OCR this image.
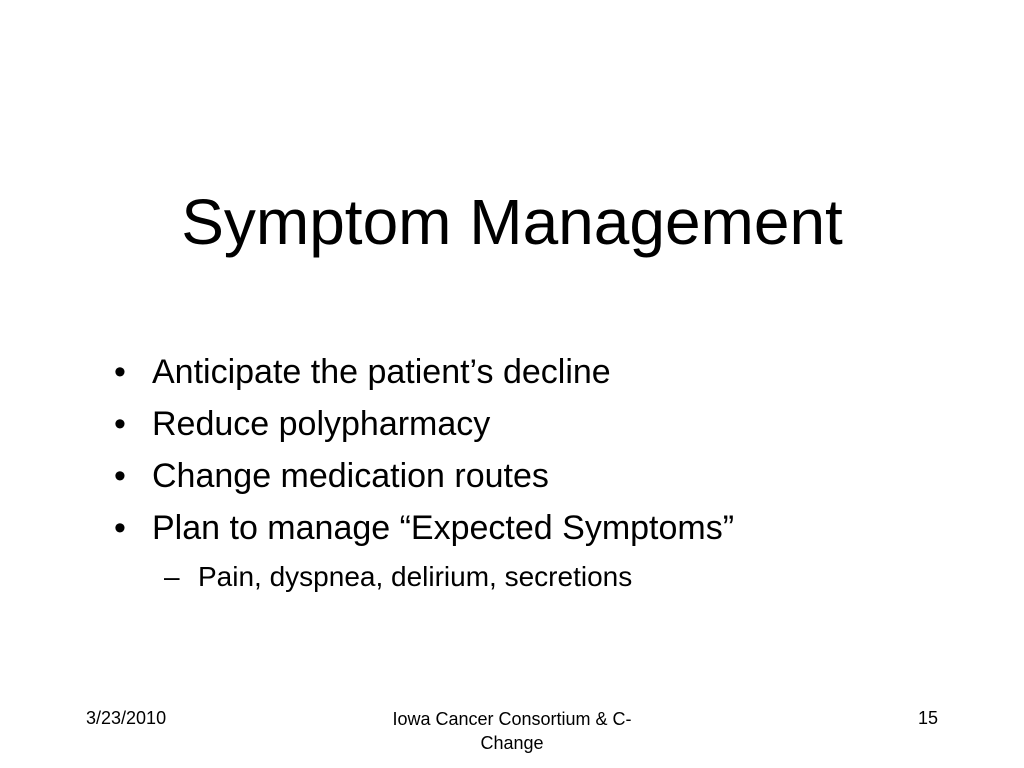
Symptom Management
• Anticipate the patient’s decline
• Reduce polypharmacy
• Change medication routes
• Plan to manage “Expected Symptoms”
– Pain, dyspnea, delirium, secretions
3/23/2010	Iowa Cancer Consortium & C-
Change
15
